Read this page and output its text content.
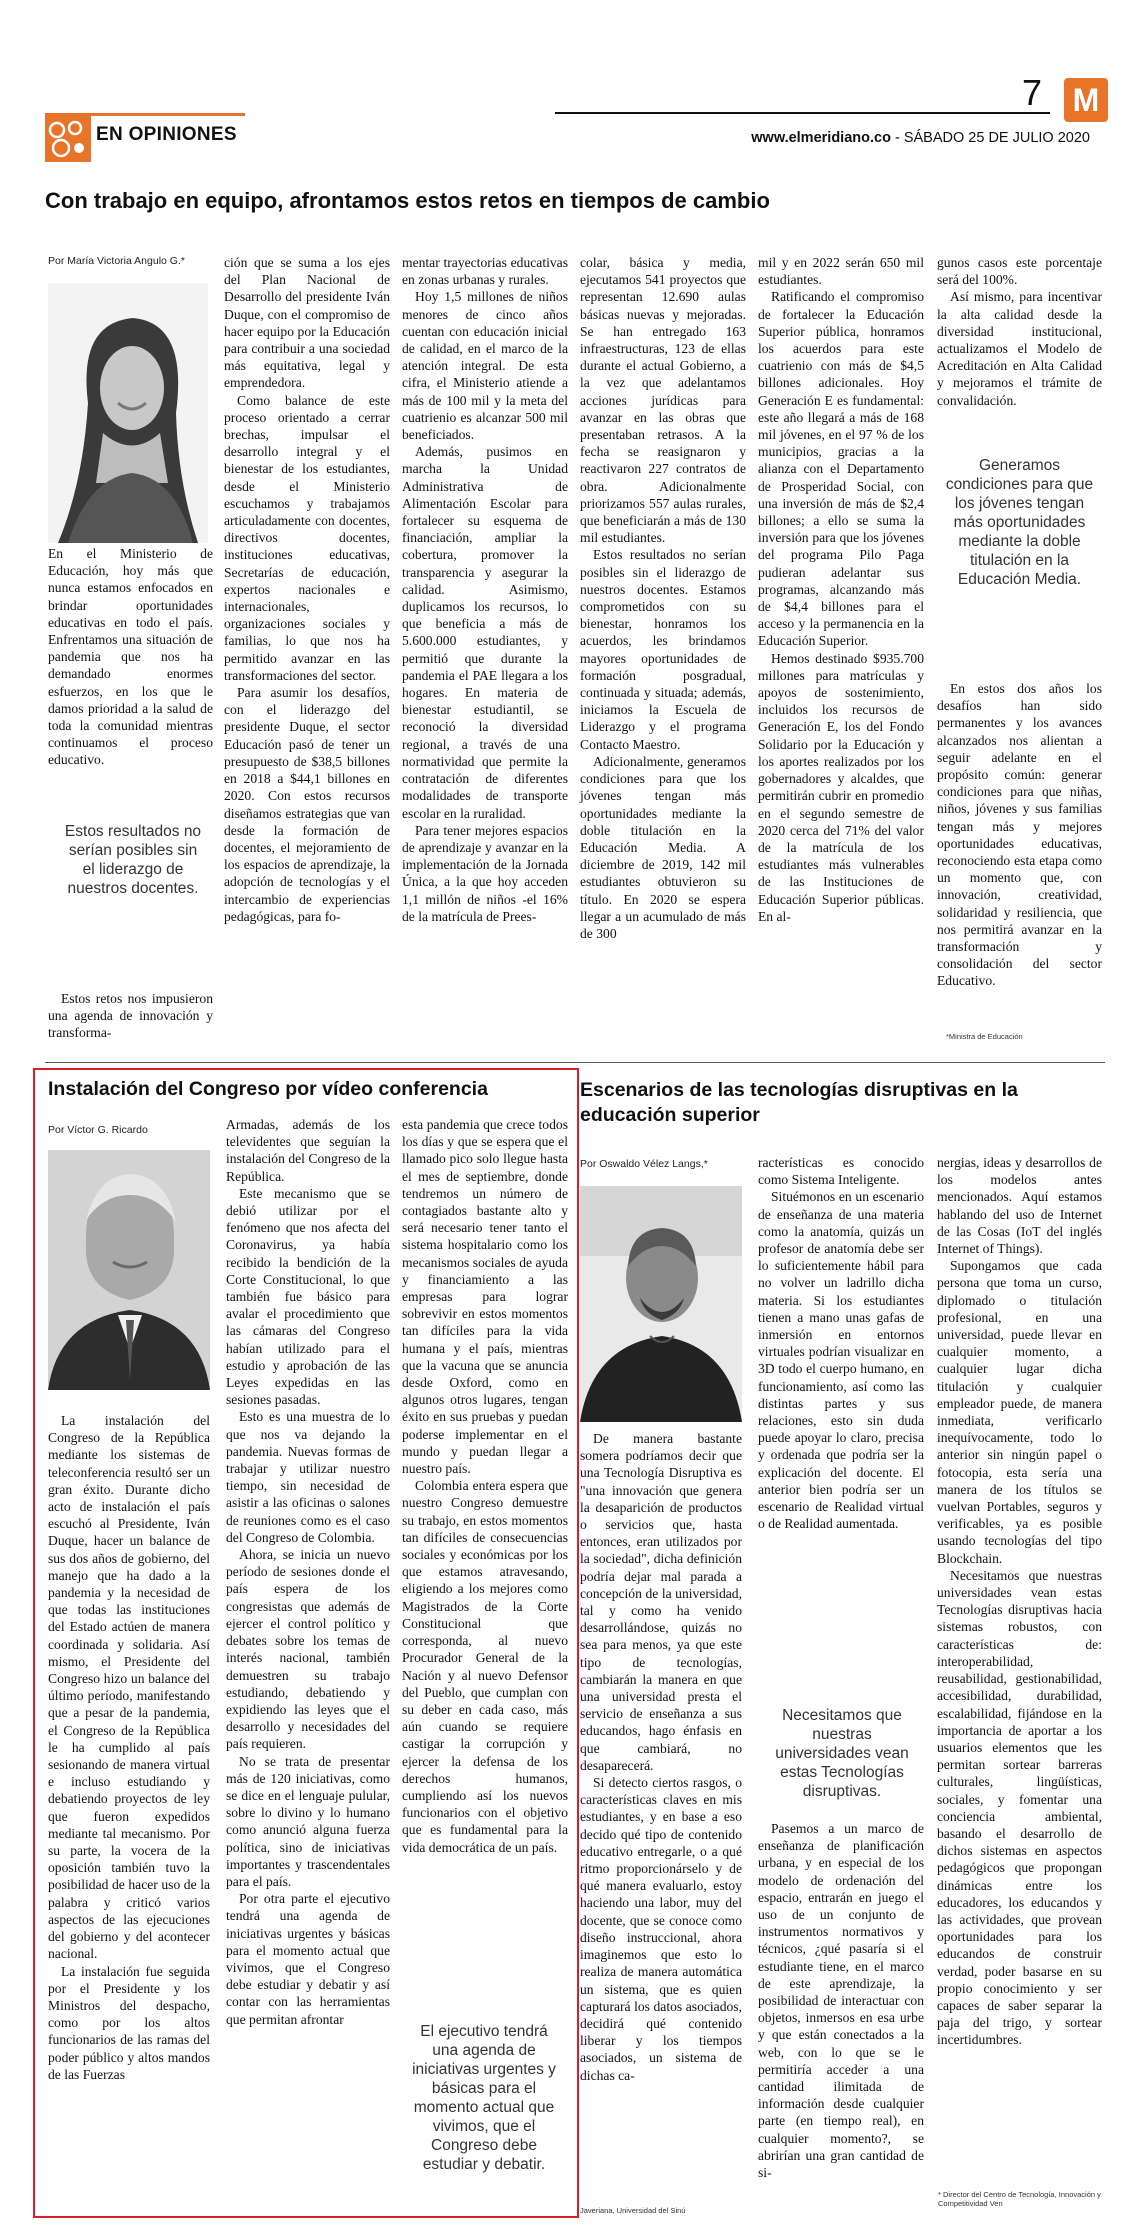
EN OPINIONES
7 M
www.elmeridiano.co - SÁBADO 25 DE JULIO 2020
Con trabajo en equipo, afrontamos estos retos en tiempos de cambio
Por María Victoria Angulo G.*

En el Ministerio de Educación, hoy más que nunca estamos enfocados en brindar oportunidades educativas en todo el país. Enfrentamos una situación de pandemia que nos ha demandado enormes esfuerzos, en los que le damos prioridad a la salud de toda la comunidad mientras continuamos el proceso educativo.

Estos resultados no serían posibles sin el liderazgo de nuestros docentes.

Estos retos nos impusieron una agenda de innovación y transforma-

ción que se suma a los ejes del Plan Nacional de Desarrollo del presidente Iván Duque, con el compromiso de hacer equipo por la Educación para contribuir a una sociedad más equitativa, legal y emprendedora.

Como balance de este proceso orientado a cerrar brechas, impulsar el desarrollo integral y el bienestar de los estudiantes, desde el Ministerio escuchamos y trabajamos articuladamente con docentes, directivos docentes, instituciones educativas, Secretarías de educación, expertos nacionales e internacionales, organizaciones sociales y familias, lo que nos ha permitido avanzar en las transformaciones del sector.

Para asumir los desafíos, con el liderazgo del presidente Duque, el sector Educación pasó de tener un presupuesto de $38,5 billones en 2018 a $44,1 billones en 2020. Con estos recursos diseñamos estrategias que van desde la formación de docentes, el mejoramiento de los espacios de aprendizaje, la adopción de tecnologías y el intercambio de experiencias pedagógicas, para fo-

mentar trayectorias educativas en zonas urbanas y rurales.

Hoy 1,5 millones de niños menores de cinco años cuentan con educación inicial de calidad, en el marco de la atención integral. De esta cifra, el Ministerio atiende a más de 100 mil y la meta del cuatrienio es alcanzar 500 mil beneficiados.

Además, pusimos en marcha la Unidad Administrativa de Alimentación Escolar para fortalecer su esquema de financiación, ampliar la cobertura, promover la transparencia y asegurar la calidad. Asimismo, duplicamos los recursos, lo que beneficia a más de 5.600.000 estudiantes, y permitió que durante la pandemia el PAE llegara a los hogares. En materia de bienestar estudiantil, se reconoció la diversidad regional, a través de una normatividad que permite la contratación de diferentes modalidades de transporte escolar en la ruralidad.

Para tener mejores espacios de aprendizaje y avanzar en la implementación de la Jornada Única, a la que hoy acceden 1,1 millón de niños -el 16% de la matrícula de Prees-

colar, básica y media, ejecutamos 541 proyectos que representan 12.690 aulas básicas nuevas y mejoradas. Se han entregado 163 infraestructuras, 123 de ellas durante el actual Gobierno, a la vez que adelantamos acciones jurídicas para avanzar en las obras que presentaban retrasos. A la fecha se reasignaron y reactivaron 227 contratos de obra. Adicionalmente priorizamos 557 aulas rurales, que beneficiarán a más de 130 mil estudiantes.

Estos resultados no serían posibles sin el liderazgo de nuestros docentes. Estamos comprometidos con su bienestar, honramos los acuerdos, les brindamos mayores oportunidades de formación posgradual, continuada y situada; además, iniciamos la Escuela de Liderazgo y el programa Contacto Maestro.

Adicionalmente, generamos condiciones para que los jóvenes tengan más oportunidades mediante la doble titulación en la Educación Media. A diciembre de 2019, 142 mil estudiantes obtuvieron su título. En 2020 se espera llegar a un acumulado de más de 300

mil y en 2022 serán 650 mil estudiantes.

Ratificando el compromiso de fortalecer la Educación Superior pública, honramos los acuerdos para este cuatrienio con más de $4,5 billones adicionales. Hoy Generación E es fundamental: este año llegará a más de 168 mil jóvenes, en el 97 % de los municipios, gracias a la alianza con el Departamento de Prosperidad Social, con una inversión de más de $2,4 billones; a ello se suma la inversión para que los jóvenes del programa Pilo Paga pudieran adelantar sus programas, alcanzando más de $4,4 billones para el acceso y la permanencia en la Educación Superior.

Hemos destinado $935.700 millones para matrículas y apoyos de sostenimiento, incluidos los recursos de Generación E, los del Fondo Solidario por la Educación y los aportes realizados por los gobernadores y alcaldes, que permitirán cubrir en promedio en el segundo semestre de 2020 cerca del 71% del valor de la matrícula de los estudiantes más vulnerables de las Instituciones de Educación Superior públicas. En al-

gunos casos este porcentaje será del 100%.

Así mismo, para incentivar la alta calidad desde la diversidad institucional, actualizamos el Modelo de Acreditación en Alta Calidad y mejoramos el trámite de convalidación.

Generamos condiciones para que los jóvenes tengan más oportunidades mediante la doble titulación en la Educación Media.

En estos dos años los desafíos han sido permanentes y los avances alcanzados nos alientan a seguir adelante en el propósito común: generar condiciones para que niñas, niños, jóvenes y sus familias tengan más y mejores oportunidades educativas, reconociendo esta etapa como un momento que, con innovación, creatividad, solidaridad y resiliencia, que nos permitirá avanzar en la transformación y consolidación del sector Educativo.

*Ministra de Educación
Instalación del Congreso por vídeo conferencia
Por Víctor G. Ricardo

La instalación del Congreso de la República mediante los sistemas de teleconferencia resultó ser un gran éxito. Durante dicho acto de instalación el país escuchó al Presidente, Iván Duque, hacer un balance de sus dos años de gobierno, del manejo que ha dado a la pandemia y la necesidad de que todas las instituciones del Estado actúen de manera coordinada y solidaria. Así mismo, el Presidente del Congreso hizo un balance del último período, manifestando que a pesar de la pandemia, el Congreso de la República le ha cumplido al país sesionando de manera virtual e incluso estudiando y debatiendo proyectos de ley que fueron expedidos mediante tal mecanismo. Por su parte, la vocera de la oposición también tuvo la posibilidad de hacer uso de la palabra y criticó varios aspectos de las ejecuciones del gobierno y del acontecer nacional.

La instalación fue seguida por el Presidente y los Ministros del despacho, como por los altos funcionarios de las ramas del poder público y altos mandos de las Fuerzas

Armadas, además de los televidentes que seguían la instalación del Congreso de la República.

Este mecanismo que se debió utilizar por el fenómeno que nos afecta del Coronavirus, ya había recibido la bendición de la Corte Constitucional, lo que también fue básico para avalar el procedimiento que las cámaras del Congreso habían utilizado para el estudio y aprobación de las Leyes expedidas en las sesiones pasadas.

Esto es una muestra de lo que nos va dejando la pandemia. Nuevas formas de trabajar y utilizar nuestro tiempo, sin necesidad de asistir a las oficinas o salones de reuniones como es el caso del Congreso de Colombia.

Ahora, se inicia un nuevo período de sesiones donde el país espera de los congresistas que además de ejercer el control político y debates sobre los temas de interés nacional, también demuestren su trabajo estudiando, debatiendo y expidiendo las leyes que el desarrollo y necesidades del país requieren.

No se trata de presentar más de 120 iniciativas, como se dice en el lenguaje pulular, sobre lo divino y lo humano como anunció alguna fuerza política, sino de iniciativas importantes y trascendentales para el país.

Por otra parte el ejecutivo tendrá una agenda de iniciativas urgentes y básicas para el momento actual que vivimos, que el Congreso debe estudiar y debatir y así contar con las herramientas que permitan afrontar

esta pandemia que crece todos los días y que se espera que el llamado pico solo llegue hasta el mes de septiembre, donde tendremos un número de contagiados bastante alto y será necesario tener tanto el sistema hospitalario como los mecanismos sociales de ayuda y financiamiento a las empresas para lograr sobrevivir en estos momentos tan difíciles para la vida humana y el país, mientras que la vacuna que se anuncia desde Oxford, como en algunos otros lugares, tengan éxito en sus pruebas y puedan poderse implementar en el mundo y puedan llegar a nuestro país.

Colombia entera espera que nuestro Congreso demuestre su trabajo, en estos momentos tan difíciles de consecuencias sociales y económicas por los que estamos atravesando, eligiendo a los mejores como Magistrados de la Corte Constitucional que corresponda, al nuevo Procurador General de la Nación y al nuevo Defensor del Pueblo, que cumplan con su deber en cada caso, más aún cuando se requiere castigar la corrupción y ejercer la defensa de los derechos humanos, cumpliendo así los nuevos funcionarios con el objetivo que es fundamental para la vida democrática de un país.

El ejecutivo tendrá una agenda de iniciativas urgentes y básicas para el momento actual que vivimos, que el Congreso debe estudiar y debatir.
Escenarios de las tecnologías disruptivas en la educación superior
Por Oswaldo Vélez Langs,*

De manera bastante somera podríamos decir que una Tecnología Disruptiva es "una innovación que genera la desaparición de productos o servicios que, hasta entonces, eran utilizados por la sociedad", dicha definición podría dejar mal parada a concepción de la universidad, tal y como ha venido desarrollándose, quizás no sea para menos, ya que este tipo de tecnologías, cambiarán la manera en que una universidad presta el servicio de enseñanza a sus educandos, hago énfasis en que cambiará, no desaparecerá.

Si detecto ciertos rasgos, o características claves en mis estudiantes, y en base a eso decido qué tipo de contenido educativo entregarle, o a qué ritmo proporcionárselo y de qué manera evaluarlo, estoy haciendo una labor, muy del docente, que se conoce como diseño instruccional, ahora imaginemos que esto lo realiza de manera automática un sistema, que es quien capturará los datos asociados, decidirá qué contenido liberar y los tiempos asociados, un sistema de dichas ca-

racterísticas es conocido como Sistema Inteligente.

Situémonos en un escenario de enseñanza de una materia como la anatomía, quizás un profesor de anatomía debe ser lo suficientemente hábil para no volver un ladrillo dicha materia. Si los estudiantes tienen a mano unas gafas de inmersión en entornos virtuales podrían visualizar en 3D todo el cuerpo humano, en funcionamiento, así como las distintas partes y sus relaciones, esto sin duda puede apoyar lo claro, precisa y ordenada que podría ser la explicación del docente. El anterior bien podría ser un escenario de Realidad virtual o de Realidad aumentada.

Necesitamos que nuestras universidades vean estas Tecnologías disruptivas.

Pasemos a un marco de enseñanza de planificación urbana, y en especial de los modelo de ordenación del espacio, entrarán en juego el uso de un conjunto de instrumentos normativos y técnicos, ¿qué pasaría si el estudiante tiene, en el marco de este aprendizaje, la posibilidad de interactuar con objetos, inmersos en esa urbe y que están conectados a la web, con lo que se le permitiría acceder a una cantidad ilimitada de información desde cualquier parte (en tiempo real), en cualquier momento?, se abrirían una gran cantidad de si-

nergias, ideas y desarrollos de los modelos antes mencionados. Aquí estamos hablando del uso de Internet de las Cosas (IoT del inglés Internet of Things).

Supongamos que cada persona que toma un curso, diplomado o titulación profesional, en una universidad, puede llevar en cualquier momento, a cualquier lugar dicha titulación y cualquier empleador puede, de manera inmediata, verificarlo inequívocamente, todo lo anterior sin ningún papel o fotocopia, esta sería una manera de los títulos se vuelvan Portables, seguros y verificables, ya es posible usando tecnologías del tipo Blockchain.

Necesitamos que nuestras universidades vean estas Tecnologías disruptivas hacia sistemas robustos, con características de: interoperabilidad, reusabilidad, gestionabilidad, accesibilidad, durabilidad, escalabilidad, fijándose en la importancia de aportar a los usuarios elementos que les permitan sortear barreras culturales, lingüísticas, sociales, y fomentar una conciencia ambiental, basando el desarrollo de dichos sistemas en aspectos pedagógicos que propongan dinámicas entre los educadores, los educandos y las actividades, que provean oportunidades para los educandos de construir verdad, poder basarse en su propio conocimiento y ser capaces de saber separar la paja del trigo, y sortear incertidumbres.

* Director del Centro de Tecnología, Innovación y Competitividad Ven
Javeriana, Universidad del Sinú
